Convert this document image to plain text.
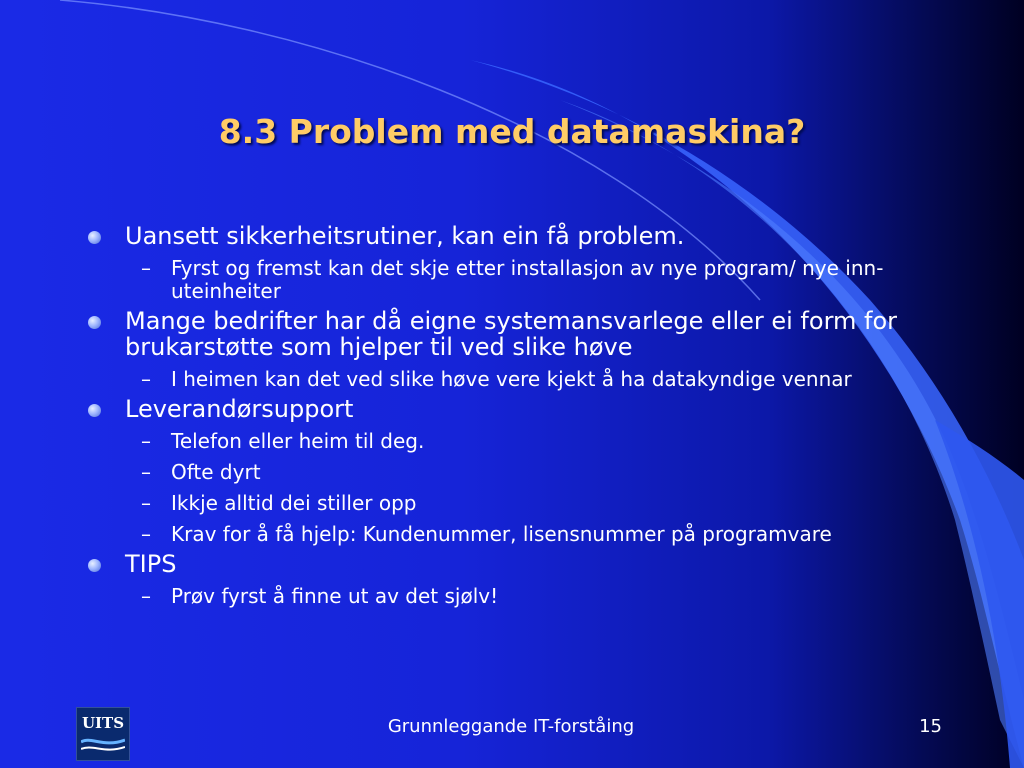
8.3 Problem med datamaskina?
Uansett sikkerheitsrutiner, kan ein få problem.
– Fyrst og fremst kan det skje etter installasjon av nye program/ nye inn- uteinheiter
Mange bedrifter har då eigne systemansvarlege eller ei form for brukarstøtte som hjelper til ved slike høve
– I heimen kan det ved slike høve vere kjekt å ha datakyndige vennar
Leverandørsupport
– Telefon eller heim til deg.
– Ofte dyrt
– Ikkje alltid dei stiller opp
– Krav for å få hjelp: Kundenummer, lisensnummer på programvare
TIPS
– Prøv fyrst å finne ut av det sjølv!
UITS	Grunnleggande IT-forståing	15
